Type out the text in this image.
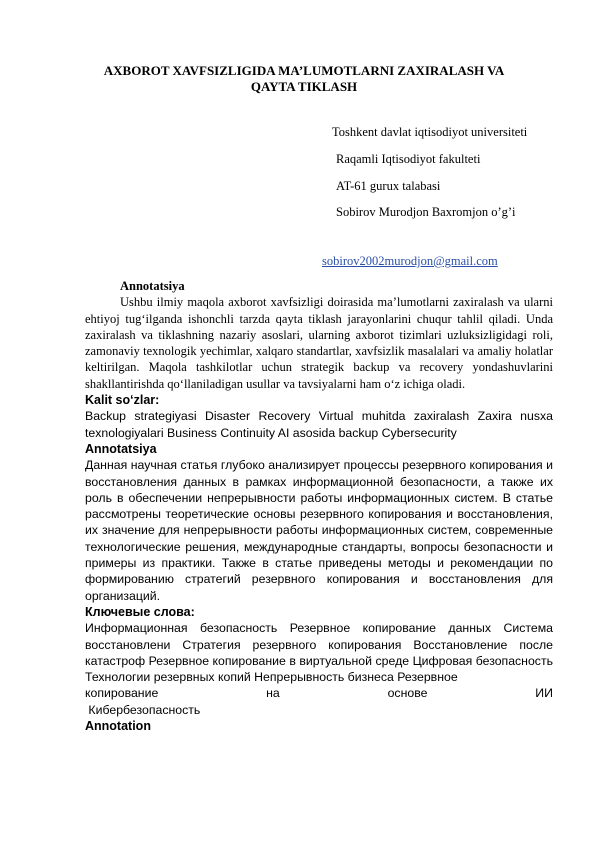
AXBOROT XAVFSIZLIGIDA MA’LUMOTLARNI ZAXIRALASH VA
QAYTA TIKLASH
Toshkent davlat iqtisodiyot universiteti
Raqamli Iqtisodiyot fakulteti
AT-61 gurux talabasi
Sobirov Murodjon Baxromjon o’g’i
sobirov2002murodjon@gmail.com

Annotatsiya

Ushbu ilmiy maqola axborot xavfsizligi doirasida ma’lumotlarni zaxiralash va ularni ehtiyoj tug‘ilganda ishonchli tarzda qayta tiklash jarayonlarini chuqur tahlil qiladi. Unda zaxiralash va tiklashning nazariy asoslari, ularning axborot tizimlari uzluksizligidagi roli, zamonaviy texnologik yechimlar, xalqaro standartlar, xavfsizlik masalalari va amaliy holatlar keltirilgan. Maqola tashkilotlar uchun strategik backup va recovery yondashuvlarini shakllantirishda qo‘llaniladigan usullar va tavsiyalarni ham o‘z ichiga oladi.

Kalit so‘zlar:

Backup strategiyasi Disaster Recovery Virtual muhitda zaxiralash Zaxira nusxa texnologiyalari Business Continuity AI asosida backup Cybersecurity

Annotatsiya

Данная научная статья глубоко анализирует процессы резервного копирования и восстановления данных в рамках информационной безопасности, а также их роль в обеспечении непрерывности работы информационных систем. В статье рассмотрены теоретические основы резервного копирования и восстановления, их значение для непрерывности работы информационных систем, современные технологические решения, международные стандарты, вопросы безопасности и примеры из практики. Также в статье приведены методы и рекомендации по формированию стратегий резервного копирования и восстановления для организаций.

Ключевые слова:

Информационная безопасность Резервное копирование данных Система восстановлени Стратегия резервного копирования Восстановление после катастроф Резервное копирование в виртуальной среде Цифровая безопасность Технологии резервных копий Непрерывность бизнеса Резервное

копирование	на	основе	ИИ

Кибербезопасность

Annotation
